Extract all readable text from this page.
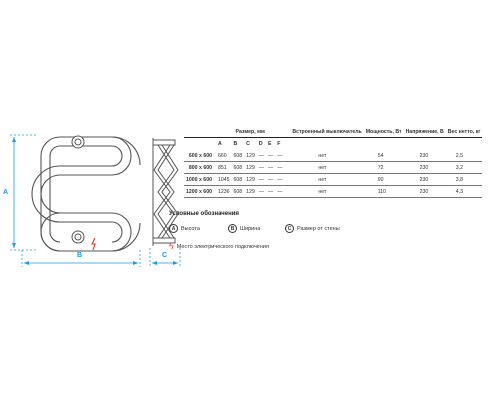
A
B	C
	Размер, мм						Встроенный выключатель	Мощность, Вт	Напряжение, В	Вес нетто, кг
	A	B	C	D	E	F				
600 х 600	660	608	129	—	—	—	нет	54	230	2,5
800 х 600	851	608	129	—	—	—	нет	72	230	3,2
1000 х 600	1045	608	129	—	—	—	нет	90	230	3,8
1200 х 600	1236	608	129	—	—	—	нет	110	230	4,3
Условные обозначения
A	Высота	B	Ширина	C	Размер от стены
ϟ Место электрического подключения
